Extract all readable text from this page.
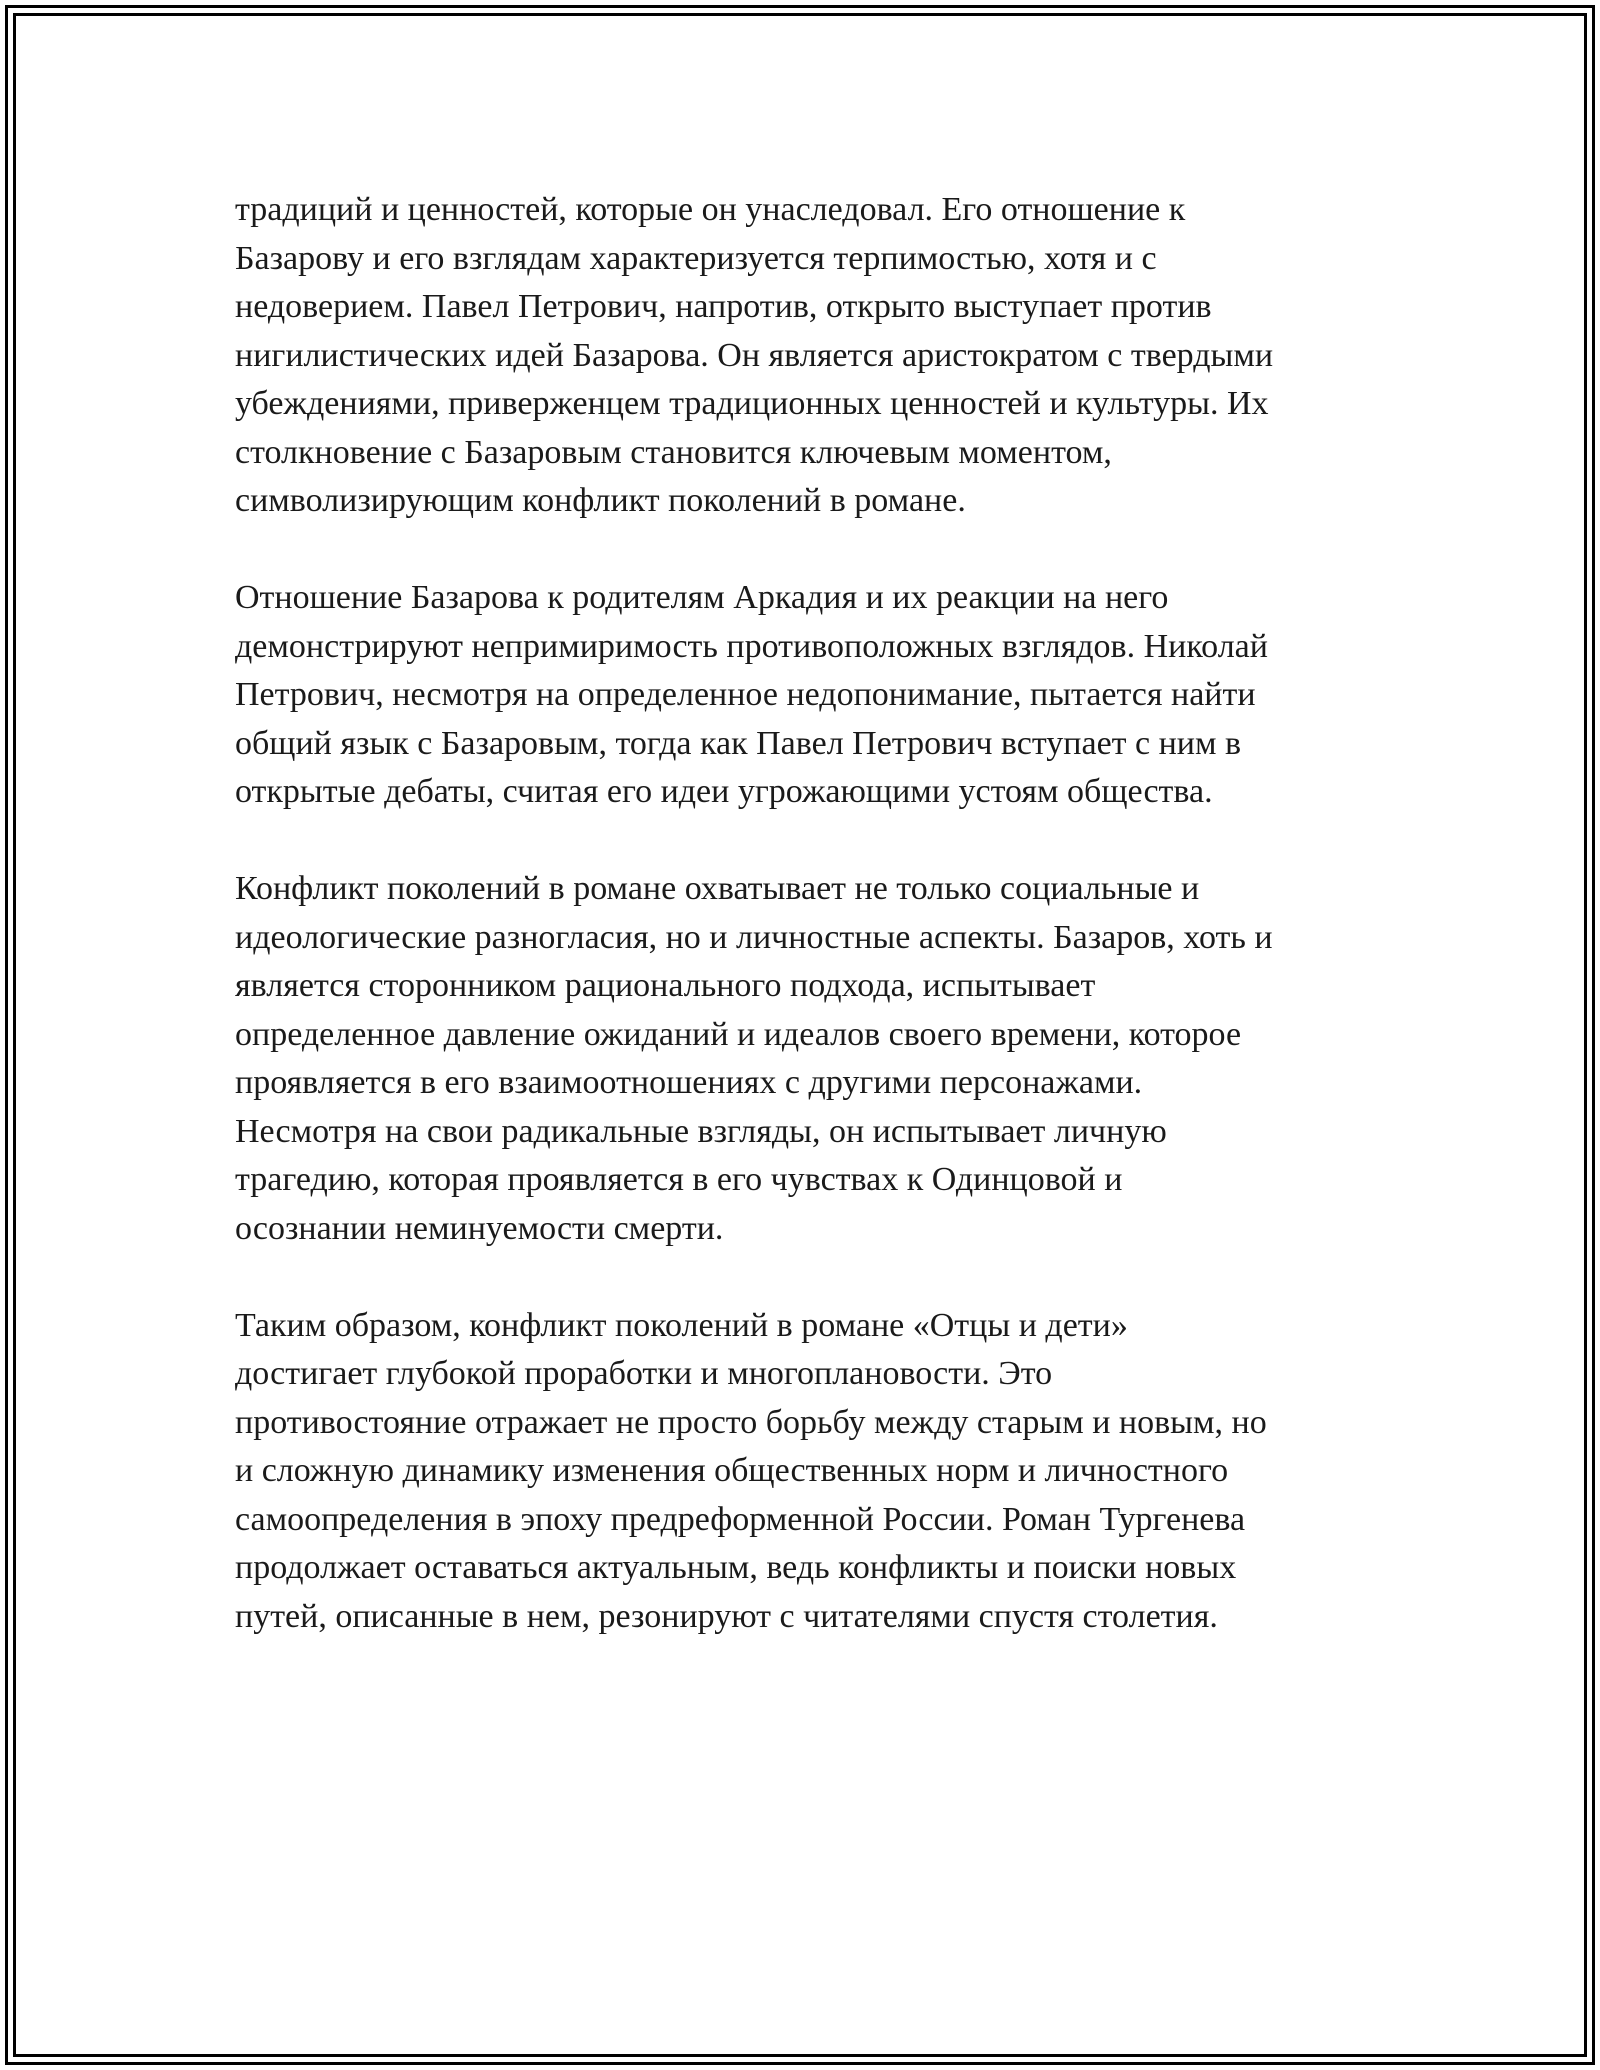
традиций и ценностей, которые он унаследовал. Его отношение к
Базарову и его взглядам характеризуется терпимостью, хотя и с
недоверием. Павел Петрович, напротив, открыто выступает против
нигилистических идей Базарова. Он является аристократом с твердыми
убеждениями, приверженцем традиционных ценностей и культуры. Их
столкновение с Базаровым становится ключевым моментом,
символизирующим конфликт поколений в романе.
Отношение Базарова к родителям Аркадия и их реакции на него
демонстрируют непримиримость противоположных взглядов. Николай
Петрович, несмотря на определенное недопонимание, пытается найти
общий язык с Базаровым, тогда как Павел Петрович вступает с ним в
открытые дебаты, считая его идеи угрожающими устоям общества.
Конфликт поколений в романе охватывает не только социальные и
идеологические разногласия, но и личностные аспекты. Базаров, хоть и
является сторонником рационального подхода, испытывает
определенное давление ожиданий и идеалов своего времени, которое
проявляется в его взаимоотношениях с другими персонажами.
Несмотря на свои радикальные взгляды, он испытывает личную
трагедию, которая проявляется в его чувствах к Одинцовой и
осознании неминуемости смерти.
Таким образом, конфликт поколений в романе «Отцы и дети»
достигает глубокой проработки и многоплановости. Это
противостояние отражает не просто борьбу между старым и новым, но
и сложную динамику изменения общественных норм и личностного
самоопределения в эпоху предреформенной России. Роман Тургенева
продолжает оставаться актуальным, ведь конфликты и поиски новых
путей, описанные в нем, резонируют с читателями спустя столетия.
